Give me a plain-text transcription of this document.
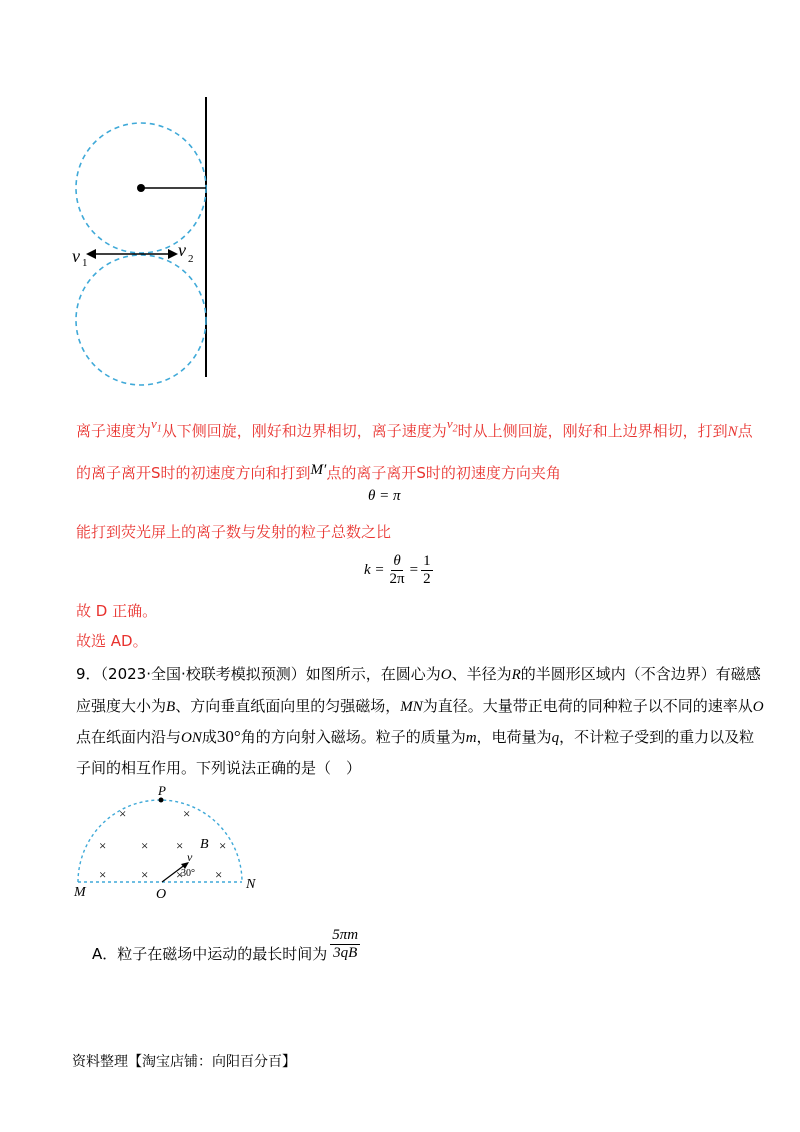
v 1
v 2
离子速度为$v_1$从下侧回旋，刚好和边界相切，离子速度为$v_2$时从上侧回旋，刚好和上边界相切，打到N点
的离子离开S时的初速度方向和打到M′点的离子离开S时的初速度方向夹角
θ = π
能打到荧光屏上的离子数与发射的粒子总数之比
$k = \frac{\theta}{2\pi} = \frac{1}{2}$
故 D 正确。
故选 AD。
9．（2023·全国·校联考模拟预测）如图所示，在圆心为O、半径为R的半圆形区域内（不含边界）有磁感
应强度大小为B、方向垂直纸面向里的匀强磁场，MN为直径。大量带正电荷的同种粒子以不同的速率从O
点在纸面内沿与ON成30°角的方向射入磁场。粒子的质量为m，电荷量为q，不计粒子受到的重力以及粒
子间的相互作用。下列说法正确的是（　）
P
×	×
×	× ×	×
×	× × ×
B
v
30°
M	O
N
A．粒子在磁场中运动的最长时间为 $\frac{5\pi m}{3qB}$
资料整理【淘宝店铺：向阳百分百】
